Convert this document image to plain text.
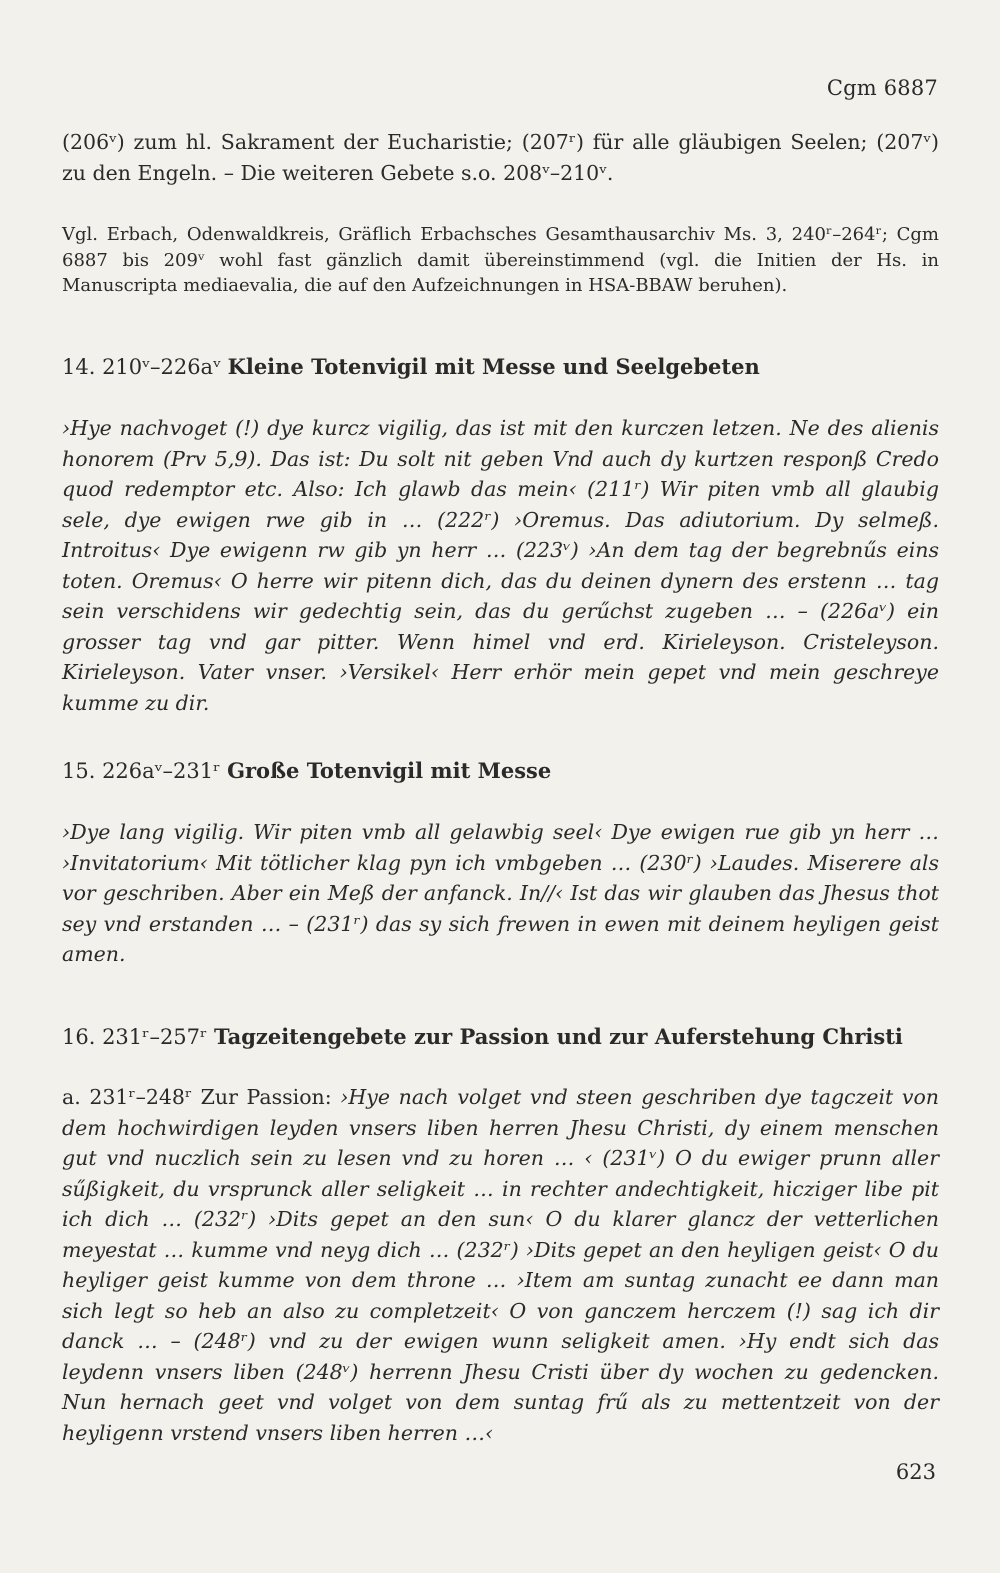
Cgm 6887
(206ᵛ) zum hl. Sakrament der Eucharistie; (207ʳ) für alle gläubigen Seelen; (207ᵛ) zu den Engeln. – Die weiteren Gebete s.o. 208ᵛ–210ᵛ.
Vgl. Erbach, Odenwaldkreis, Gräflich Erbachsches Gesamthausarchiv Ms. 3, 240ʳ–264ʳ; Cgm 6887 bis 209ᵛ wohl fast gänzlich damit übereinstimmend (vgl. die Initien der Hs. in Manuscripta mediaevalia, die auf den Aufzeichnungen in HSA-BBAW beruhen).
14. 210ᵛ–226aᵛ Kleine Totenvigil mit Messe und Seelgebeten
›Hye nachvoget (!) dye kurcz vigilig, das ist mit den kurczen letzen. Ne des alienis honorem (Prv 5,9). Das ist: Du solt nit geben Vnd auch dy kurtzen responß Credo quod redemptor etc. Also: Ich glawb das mein‹ (211ʳ) Wir piten vmb all glaubig sele, dye ewigen rwe gib in … (222ʳ) ›Oremus. Das adiutorium. Dy selmeß. Introitus‹ Dye ewigenn rw gib yn herr … (223ᵛ) ›An dem tag der begrebnűs eins toten. Oremus‹ O herre wir pitenn dich, das du deinen dynern des erstenn … tag sein verschidens wir gedechtig sein, das du gerűchst zugeben … – (226aᵛ) ein grosser tag vnd gar pitter. Wenn himel vnd erd. Kirieleyson. Cristeleyson. Kirieleyson. Vater vnser. ›Versikel‹ Herr erhör mein gepet vnd mein geschreye kumme zu dir.
15. 226aᵛ–231ʳ Große Totenvigil mit Messe
›Dye lang vigilig. Wir piten vmb all gelawbig seel‹ Dye ewigen rue gib yn herr … ›Invitatorium‹ Mit tötlicher klag pyn ich vmbgeben … (230ʳ) ›Laudes. Miserere als vor geschriben. Aber ein Meß der anfanck. In//‹ Ist das wir glauben das Jhesus thot sey vnd erstanden … – (231ʳ) das sy sich frewen in ewen mit deinem heyligen geist amen.
16. 231ʳ–257ʳ Tagzeitengebete zur Passion und zur Auferstehung Christi
a. 231ʳ–248ʳ Zur Passion: ›Hye nach volget vnd steen geschriben dye tagczeit von dem hochwirdigen leyden vnsers liben herren Jhesu Christi, dy einem menschen gut vnd nuczlich sein zu lesen vnd zu horen … ‹ (231ᵛ) O du ewiger prunn aller sűßigkeit, du vrsprunck aller seligkeit … in rechter andechtigkeit, hicziger libe pit ich dich … (232ʳ) ›Dits gepet an den sun‹ O du klarer glancz der vetterlichen meyestat … kumme vnd neyg dich … (232ʳ) ›Dits gepet an den heyligen geist‹ O du heyliger geist kumme von dem throne … ›Item am suntag zunacht ee dann man sich legt so heb an also zu completzeit‹ O von ganczem herczem (!) sag ich dir danck … – (248ʳ) vnd zu der ewigen wunn seligkeit amen. ›Hy endt sich das leydenn vnsers liben (248ᵛ) herrenn Jhesu Cristi über dy wochen zu gedencken. Nun hernach geet vnd volget von dem suntag frű als zu mettentzeit von der heyligenn vrstend vnsers liben herren …‹
623
